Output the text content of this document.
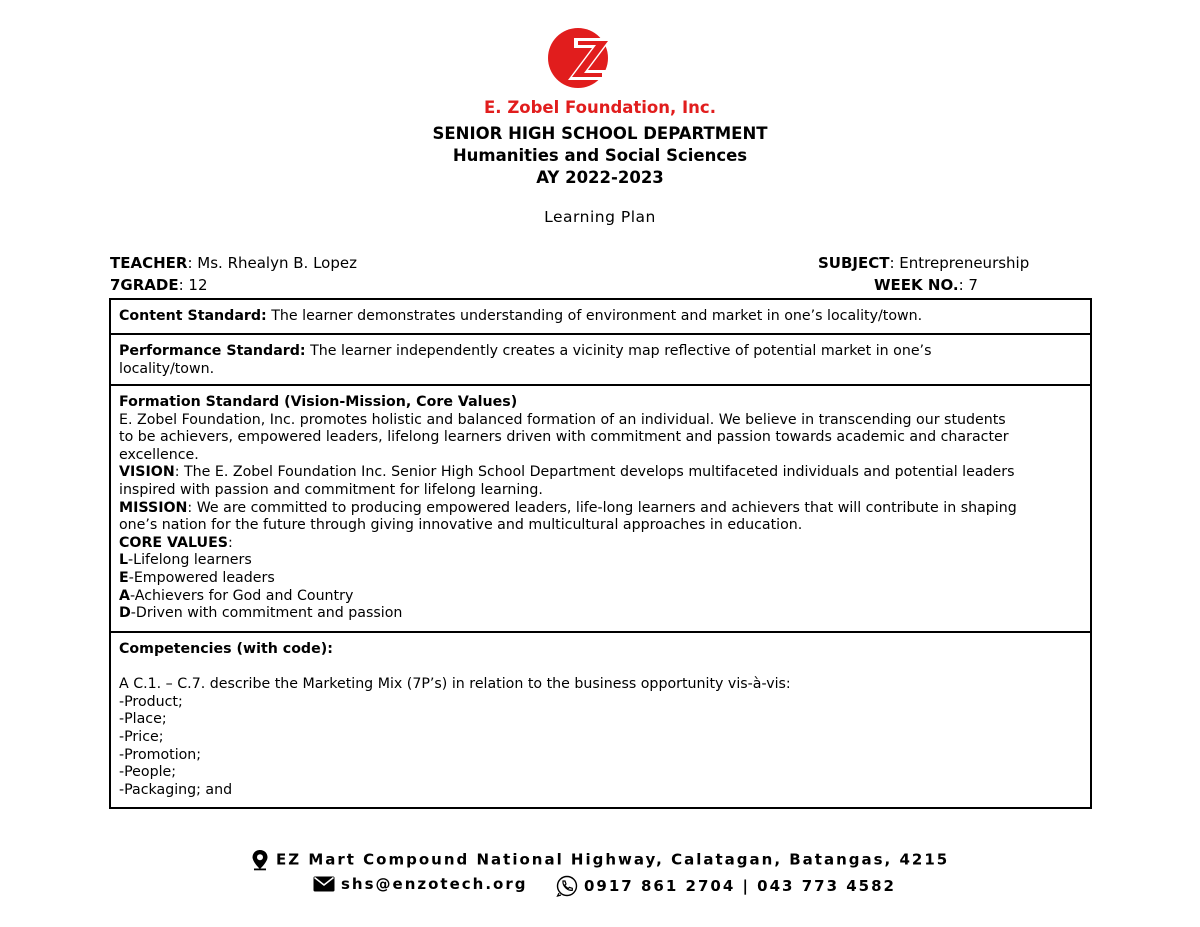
E. Zobel Foundation, Inc.
SENIOR HIGH SCHOOL DEPARTMENT
Humanities and Social Sciences
AY 2022-2023
Learning Plan
TEACHER: Ms. Rhealyn B. Lopez
7GRADE: 12
SUBJECT: Entrepreneurship
WEEK NO.: 7
Content Standard: The learner demonstrates understanding of environment and market in one’s locality/town.
Performance Standard: The learner independently creates a vicinity map reflective of potential market in one’s
locality/town.
Formation Standard (Vision-Mission, Core Values)
E. Zobel Foundation, Inc. promotes holistic and balanced formation of an individual. We believe in transcending our students
to be achievers, empowered leaders, lifelong learners driven with commitment and passion towards academic and character
excellence.
VISION: The E. Zobel Foundation Inc. Senior High School Department develops multifaceted individuals and potential leaders
inspired with passion and commitment for lifelong learning.
MISSION: We are committed to producing empowered leaders, life-long learners and achievers that will contribute in shaping
one’s nation for the future through giving innovative and multicultural approaches in education.
CORE VALUES:
L-Lifelong learners
E-Empowered leaders
A-Achievers for God and Country
D-Driven with commitment and passion
Competencies (with code):
A C.1. – C.7. describe the Marketing Mix (7P’s) in relation to the business opportunity vis-à-vis:
-Product;
-Place;
-Price;
-Promotion;
-People;
-Packaging; and
EZ Mart Compound National Highway, Calatagan, Batangas, 4215
shs@enzotech.org	0917 861 2704 | 043 773 4582
